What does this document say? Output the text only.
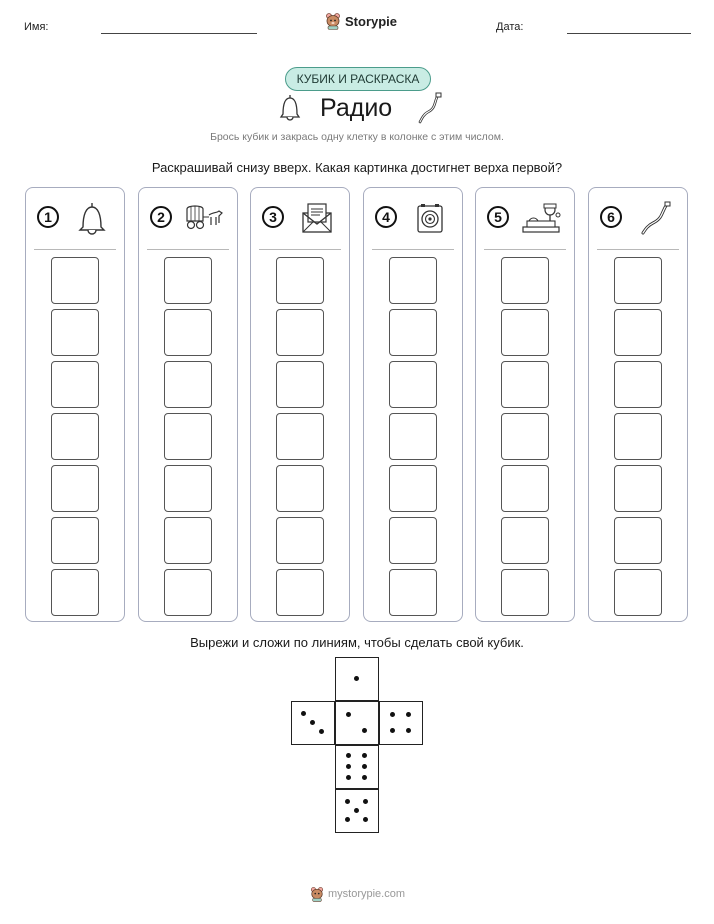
Имя:	Дата:
Storypie
КУБИК И РАСКРАСКА
Радио
Брось кубик и закрась одну клетку в колонке с этим числом.
Раскрашивай снизу вверх. Какая картинка достигнет верха первой?
1	2	3	4	5	6
Вырежи и сложи по линиям, чтобы сделать свой кубик.
mystorypie.com
